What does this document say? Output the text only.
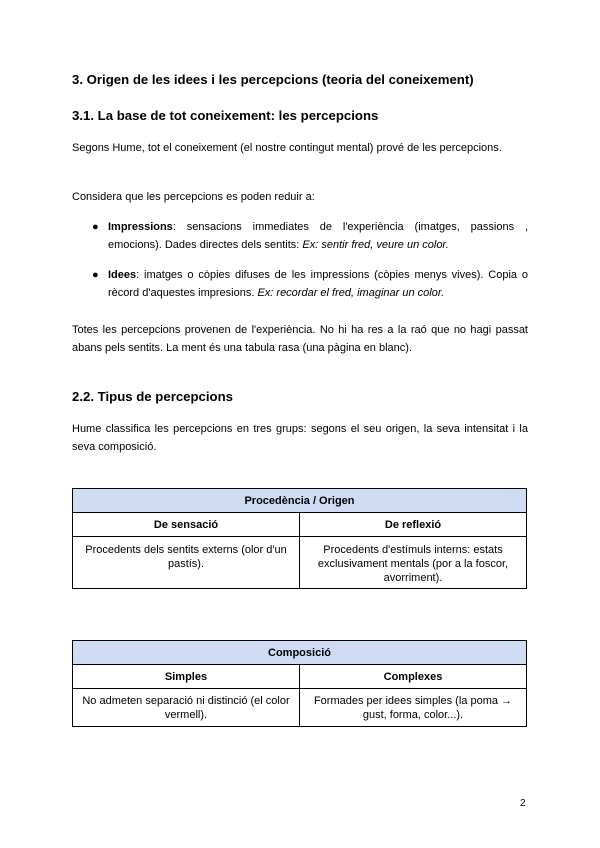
3. Origen de les idees i les percepcions (teoria del coneixement)
3.1. La base de tot coneixement: les percepcions

Segons Hume, tot el coneixement (el nostre contingut mental) prové de les percepcions.

Considera que les percepcions es poden reduir a:

● Impressions: sensacions immediates de l'experiència (imatges, passions , emocions). Dades directes dels sentits: Ex: sentir fred, veure un color.
● Idees: imatges o còpies difuses de les impressions (còpies menys vives). Copia o rècord d'aquestes impresions. Ex: recordar el fred, imaginar un color.

Totes les percepcions provenen de l'experiència. No hi ha res a la raó que no hagi passat abans pels sentits. La ment és una tabula rasa (una pàgina en blanc).

2.2. Tipus de percepcions

Hume classifica les percepcions en tres grups: segons el seu origen, la seva intensitat i la seva composició.

Procedència / Origen	
De sensació	De reflexió
Procedents dels sentits externs (olor d'un pastís).	Procedents d'estímuls interns: estats exclusivament mentals (por a la foscor, avorriment).
Composició	
Simples	Complexes
No admeten separació ni distinció (el color vermell).	Formades per idees simples (la poma → gust, forma, color...).
2
